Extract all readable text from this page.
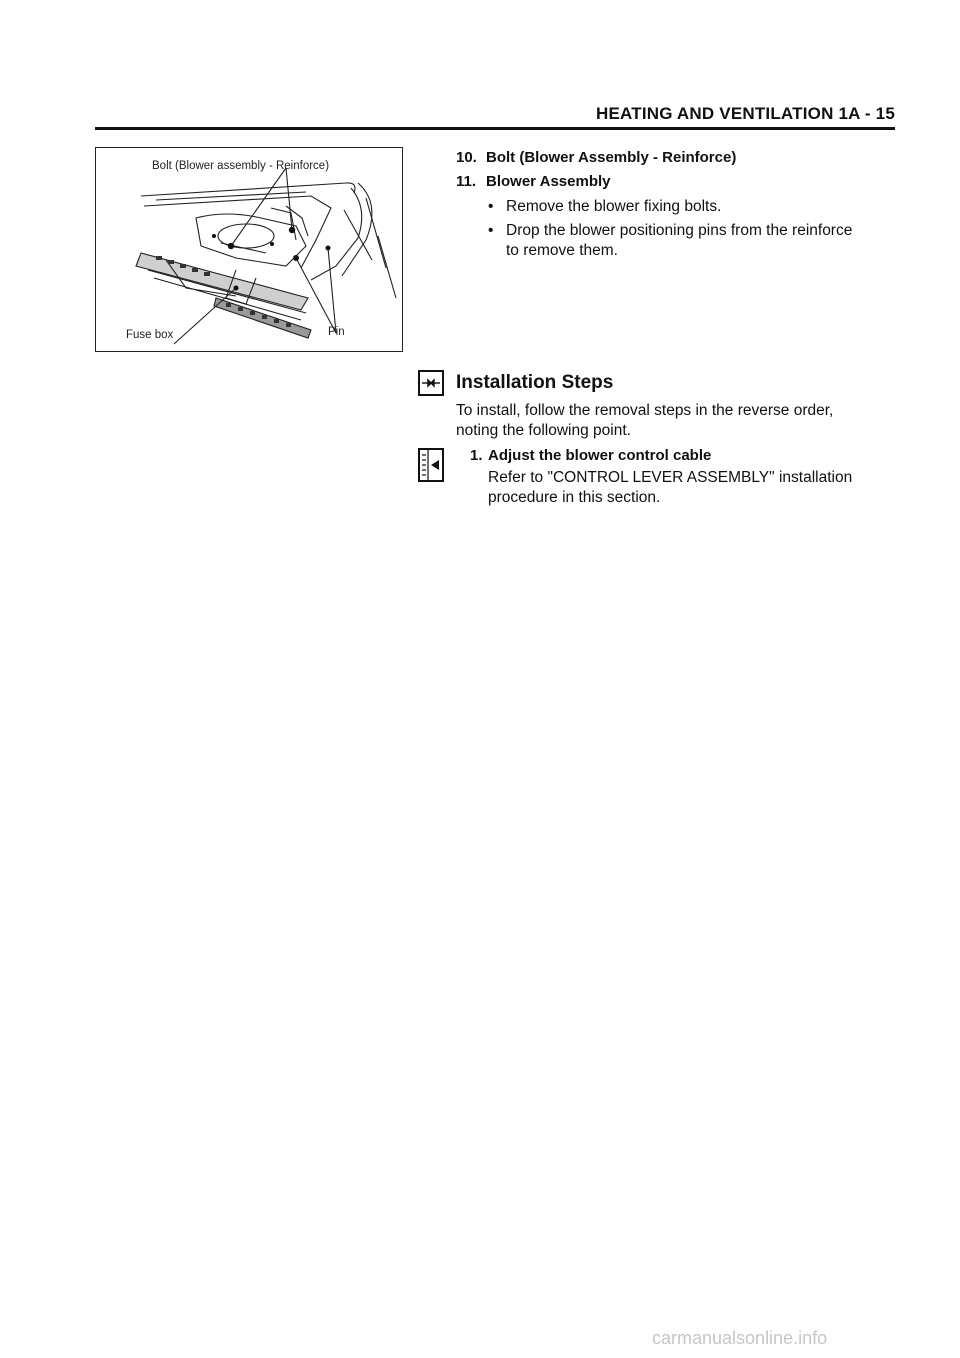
HEATING AND VENTILATION 1A - 15
Bolt (Blower assembly - Reinforce)
Fuse box	Pin
10. Bolt (Blower Assembly - Reinforce)
11. Blower Assembly
• Remove the blower fixing bolts.
• Drop the blower positioning pins from the reinforce to remove them.
Installation Steps
To install, follow the removal steps in the reverse order, noting the following point.
1. Adjust the blower control cable
Refer to "CONTROL LEVER ASSEMBLY" installation procedure in this section.
carmanualsonline.info
